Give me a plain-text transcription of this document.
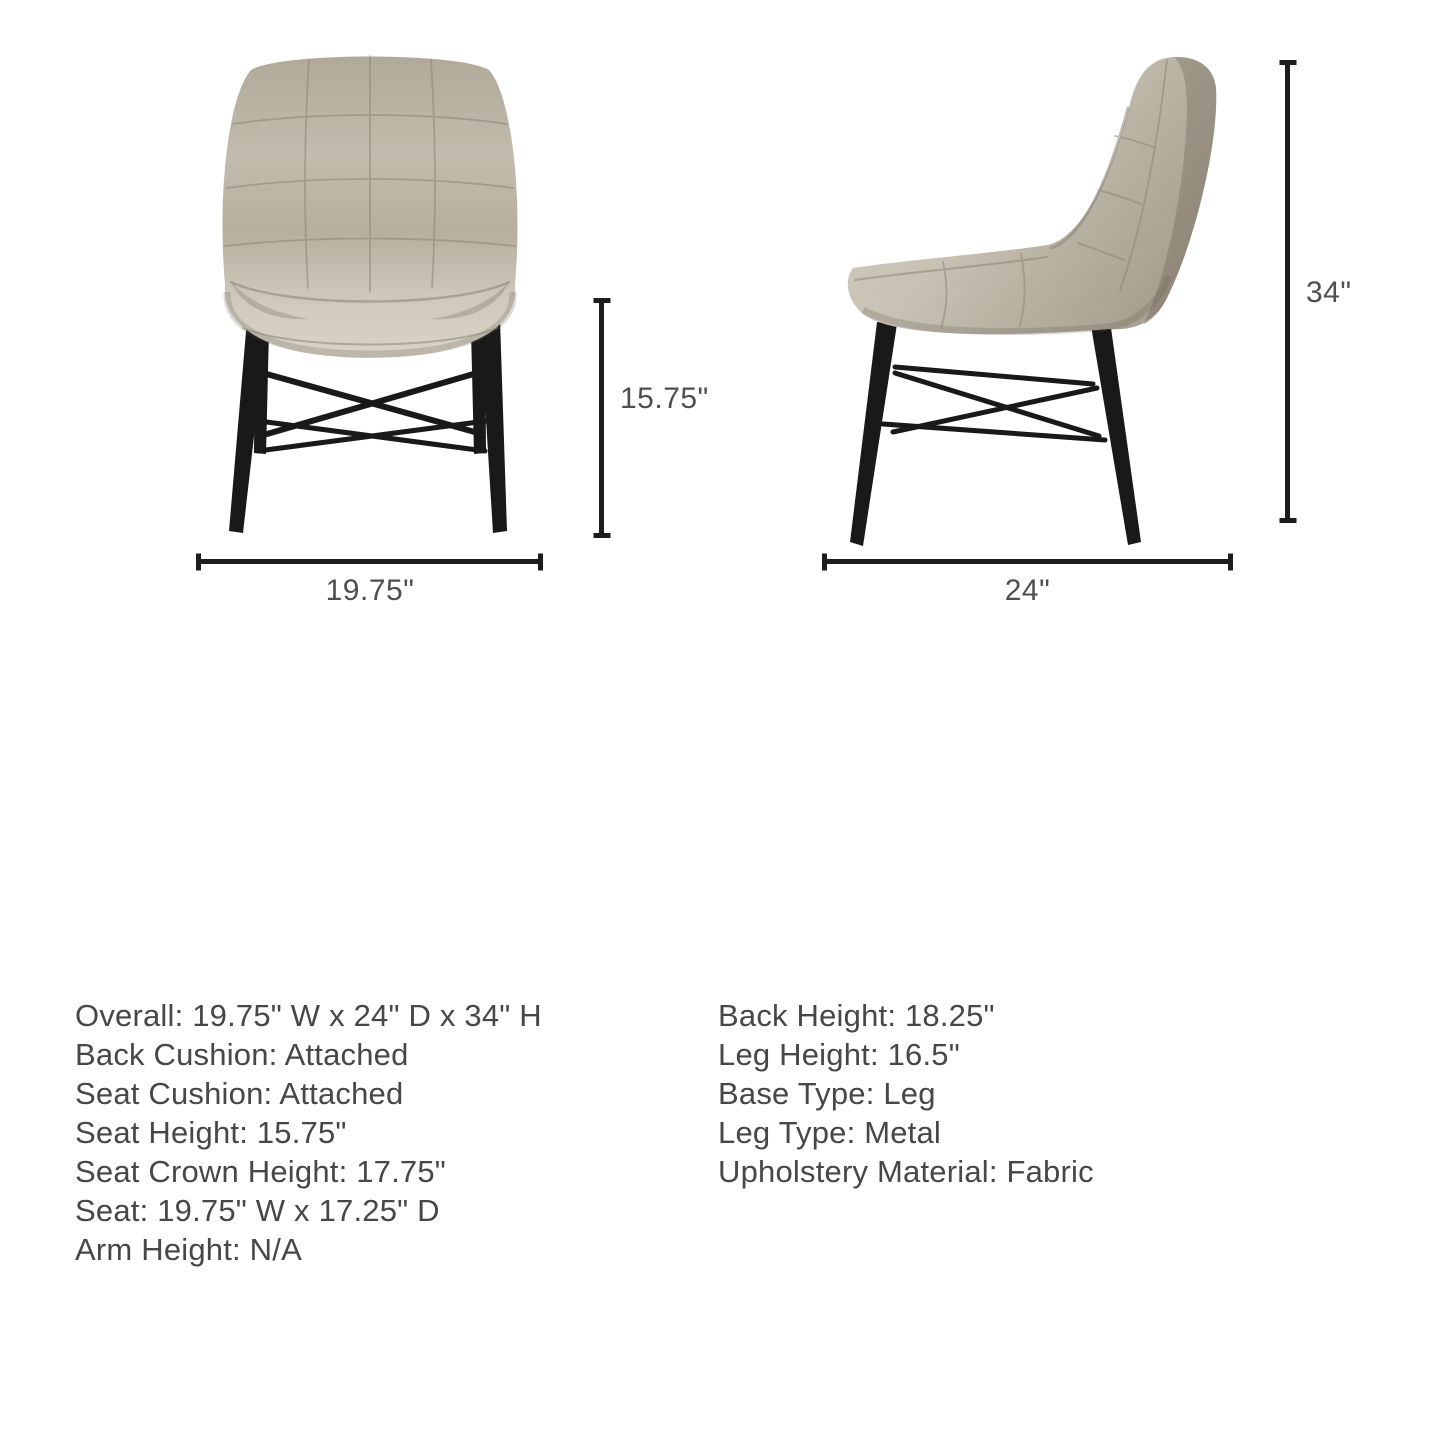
15.75"
19.75"
34"
24"
Overall: 19.75" W x 24" D x 34" H
Back Cushion: Attached
Seat Cushion: Attached
Seat Height: 15.75"
Seat Crown Height: 17.75"
Seat: 19.75" W x 17.25" D
Arm Height: N/A
Back Height: 18.25"
Leg Height: 16.5"
Base Type: Leg
Leg Type: Metal
Upholstery Material: Fabric
